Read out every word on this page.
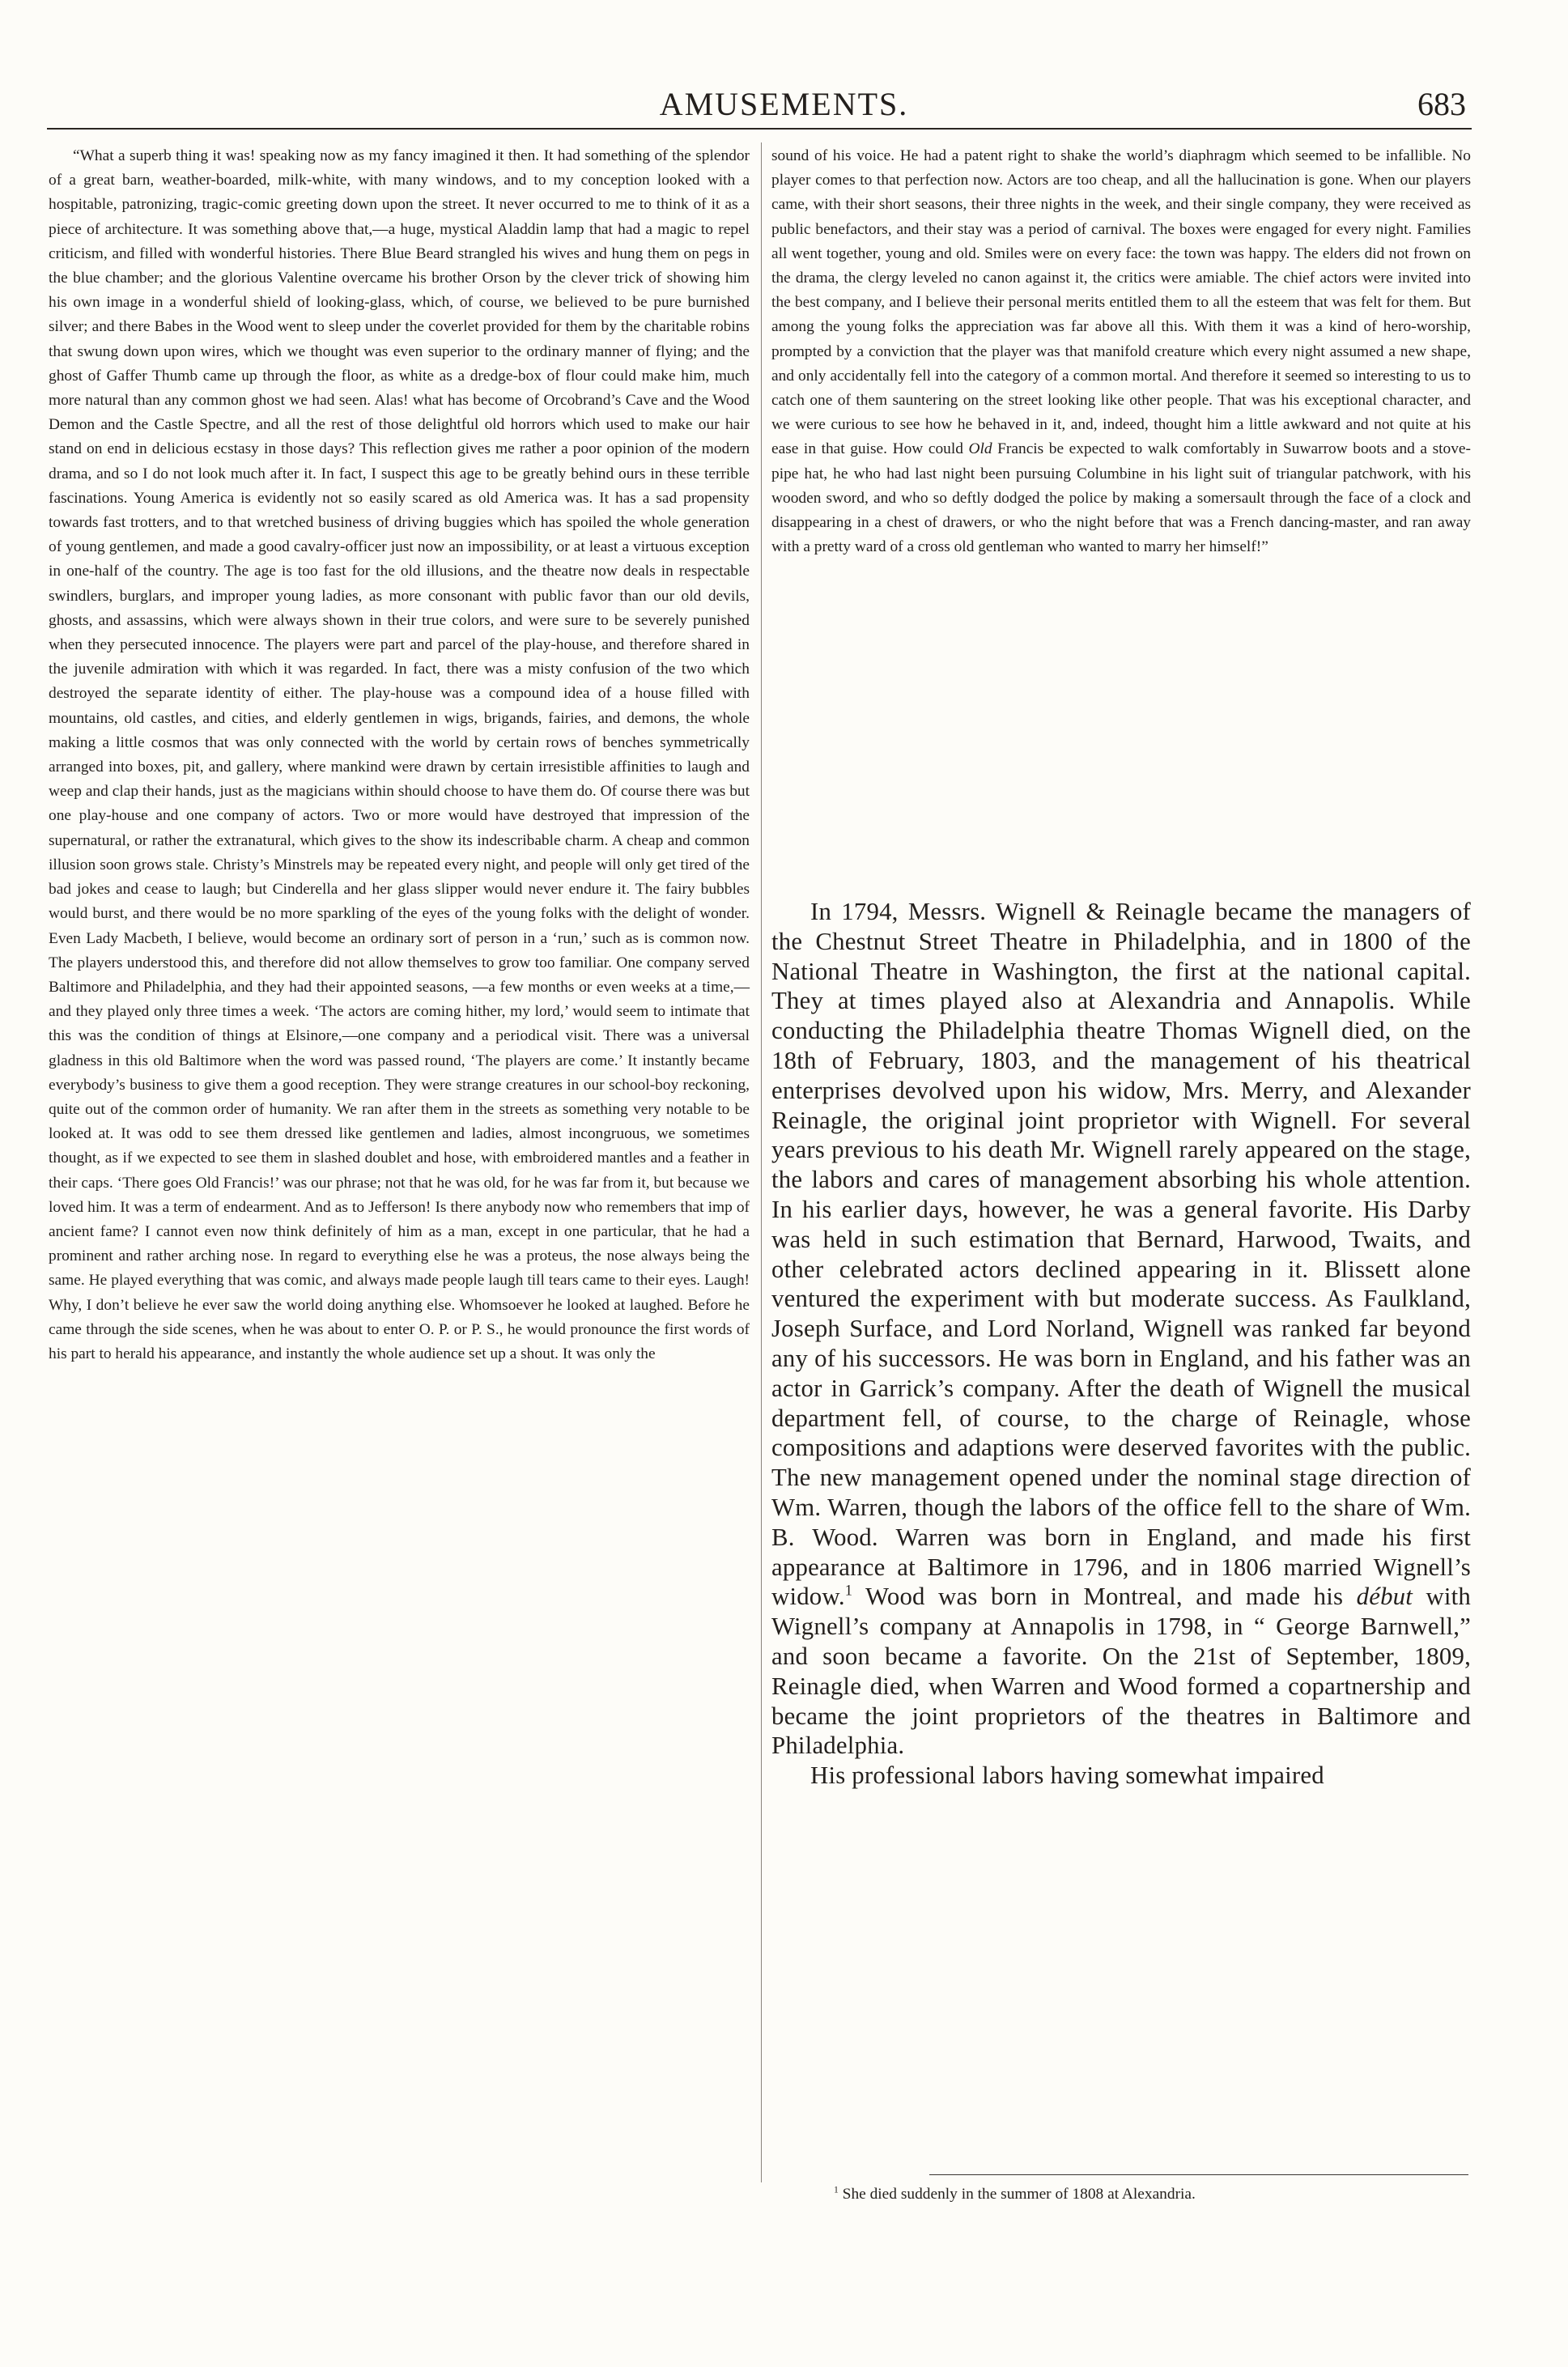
AMUSEMENTS.	683

“What a superb thing it was! speaking now as my fancy imagined it then. It had something of the splendor of a great barn, weather-boarded, milk-white, with many windows, and to my conception looked with a hospitable, patronizing, tragic-comic greeting down upon the street. It never occurred to me to think of it as a piece of architecture. It was something above that,—a huge, mystical Aladdin lamp that had a magic to repel criticism, and filled with wonderful histories. There Blue Beard strangled his wives and hung them on pegs in the blue chamber; and the glorious Valentine overcame his brother Orson by the clever trick of showing him his own image in a wonderful shield of looking-glass, which, of course, we believed to be pure burnished silver; and there Babes in the Wood went to sleep under the coverlet provided for them by the charitable robins that swung down upon wires, which we thought was even superior to the ordinary manner of flying; and the ghost of Gaffer Thumb came up through the floor, as white as a dredge-box of flour could make him, much more natural than any common ghost we had seen. Alas! what has become of Orcobrand’s Cave and the Wood Demon and the Castle Spectre, and all the rest of those delightful old horrors which used to make our hair stand on end in delicious ecstasy in those days? This reflection gives me rather a poor opinion of the modern drama, and so I do not look much after it. In fact, I suspect this age to be greatly behind ours in these terrible fascinations. Young America is evidently not so easily scared as old America was. It has a sad propensity towards fast trotters, and to that wretched business of driving buggies which has spoiled the whole generation of young gentlemen, and made a good cavalry-officer just now an impossibility, or at least a virtuous exception in one-half of the country. The age is too fast for the old illusions, and the theatre now deals in respectable swindlers, burglars, and improper young ladies, as more consonant with public favor than our old devils, ghosts, and assassins, which were always shown in their true colors, and were sure to be severely punished when they persecuted innocence. The players were part and parcel of the play-house, and therefore shared in the juvenile admiration with which it was regarded. In fact, there was a misty confusion of the two which destroyed the separate identity of either. The play-house was a compound idea of a house filled with mountains, old castles, and cities, and elderly gentlemen in wigs, brigands, fairies, and demons, the whole making a little cosmos that was only connected with the world by certain rows of benches symmetrically arranged into boxes, pit, and gallery, where mankind were drawn by certain irresistible affinities to laugh and weep and clap their hands, just as the magicians within should choose to have them do. Of course there was but one play-house and one company of actors. Two or more would have destroyed that impression of the supernatural, or rather the extranatural, which gives to the show its indescribable charm. A cheap and common illusion soon grows stale. Christy’s Minstrels may be repeated every night, and people will only get tired of the bad jokes and cease to laugh; but Cinderella and her glass slipper would never endure it. The fairy bubbles would burst, and there would be no more sparkling of the eyes of the young folks with the delight of wonder. Even Lady Macbeth, I believe, would become an ordinary sort of person in a ‘run,’ such as is common now. The players understood this, and therefore did not allow themselves to grow too familiar. One company served Baltimore and Philadelphia, and they had their appointed seasons, —a few months or even weeks at a time,—and they played only three times a week. ‘The actors are coming hither, my lord,’ would seem to intimate that this was the condition of things at Elsinore,—one company and a periodical visit. There was a universal gladness in this old Baltimore when the word was passed round, ‘The players are come.’ It instantly became everybody’s business to give them a good reception. They were strange creatures in our school-boy reckoning, quite out of the common order of humanity. We ran after them in the streets as something very notable to be looked at. It was odd to see them dressed like gentlemen and ladies, almost incongruous, we sometimes thought, as if we expected to see them in slashed doublet and hose, with embroidered mantles and a feather in their caps. ‘There goes Old Francis!’ was our phrase; not that he was old, for he was far from it, but because we loved him. It was a term of endearment. And as to Jefferson! Is there anybody now who remembers that imp of ancient fame? I cannot even now think definitely of him as a man, except in one particular, that he had a prominent and rather arching nose. In regard to everything else he was a proteus, the nose always being the same. He played everything that was comic, and always made people laugh till tears came to their eyes. Laugh! Why, I don’t believe he ever saw the world doing anything else. Whomsoever he looked at laughed. Before he came through the side scenes, when he was about to enter O. P. or P. S., he would pronounce the first words of his part to herald his appearance, and instantly the whole audience set up a shout. It was only the

sound of his voice. He had a patent right to shake the world’s diaphragm which seemed to be infallible. No player comes to that perfection now. Actors are too cheap, and all the hallucination is gone. When our players came, with their short seasons, their three nights in the week, and their single company, they were received as public benefactors, and their stay was a period of carnival. The boxes were engaged for every night. Families all went together, young and old. Smiles were on every face: the town was happy. The elders did not frown on the drama, the clergy leveled no canon against it, the critics were amiable. The chief actors were invited into the best company, and I believe their personal merits entitled them to all the esteem that was felt for them. But among the young folks the appreciation was far above all this. With them it was a kind of hero-worship, prompted by a conviction that the player was that manifold creature which every night assumed a new shape, and only accidentally fell into the category of a common mortal. And therefore it seemed so interesting to us to catch one of them sauntering on the street looking like other people. That was his exceptional character, and we were curious to see how he behaved in it, and, indeed, thought him a little awkward and not quite at his ease in that guise. How could Old Francis be expected to walk comfortably in Suwarrow boots and a stove-pipe hat, he who had last night been pursuing Columbine in his light suit of triangular patchwork, with his wooden sword, and who so deftly dodged the police by making a somersault through the face of a clock and disappearing in a chest of drawers, or who the night before that was a French dancing-master, and ran away with a pretty ward of a cross old gentleman who wanted to marry her himself!”

In 1794, Messrs. Wignell & Reinagle became the managers of the Chestnut Street Theatre in Philadelphia, and in 1800 of the National Theatre in Washington, the first at the national capital. They at times played also at Alexandria and Annapolis. While conducting the Philadelphia theatre Thomas Wignell died, on the 18th of February, 1803, and the management of his theatrical enterprises devolved upon his widow, Mrs. Merry, and Alexander Reinagle, the original joint proprietor with Wignell. For several years previous to his death Mr. Wignell rarely appeared on the stage, the labors and cares of management absorbing his whole attention. In his earlier days, however, he was a general favorite. His Darby was held in such estimation that Bernard, Harwood, Twaits, and other celebrated actors declined appearing in it. Blissett alone ventured the experiment with but moderate success. As Faulkland, Joseph Surface, and Lord Norland, Wignell was ranked far beyond any of his successors. He was born in England, and his father was an actor in Garrick’s company. After the death of Wignell the musical department fell, of course, to the charge of Reinagle, whose compositions and adaptions were deserved favorites with the public. The new management opened under the nominal stage direction of Wm. Warren, though the labors of the office fell to the share of Wm. B. Wood. Warren was born in England, and made his first appearance at Baltimore in 1796, and in 1806 married Wignell’s widow.$^1$ Wood was born in Montreal, and made his début with Wignell’s company at Annapolis in 1798, in “ George Barnwell,” and soon became a favorite. On the 21st of September, 1809, Reinagle died, when Warren and Wood formed a copartnership and became the joint proprietors of the theatres in Baltimore and Philadelphia.

His professional labors having somewhat impaired

$^1$ She died suddenly in the summer of 1808 at Alexandria.
